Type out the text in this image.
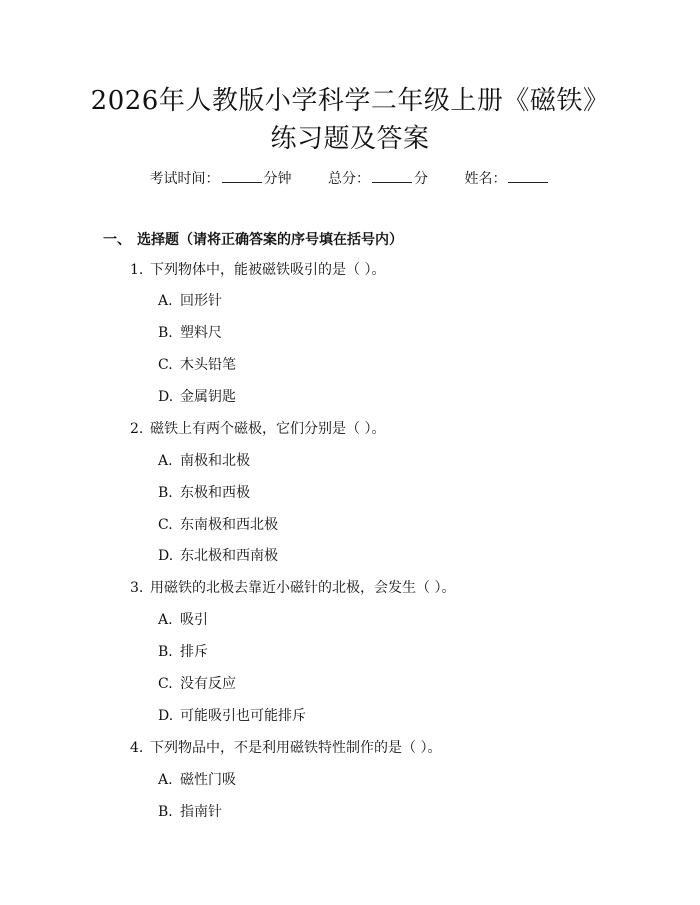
2026年人教版小学科学二年级上册《磁铁》
练习题及答案
考试时间：	分钟	总分：	分	姓名：
一、 选择题（请将正确答案的序号填在括号内）
1. 下列物体中，能被磁铁吸引的是（ ）。
A. 回形针
B. 塑料尺
C. 木头铅笔
D. 金属钥匙
2. 磁铁上有两个磁极，它们分别是（ ）。
A. 南极和北极
B. 东极和西极
C. 东南极和西北极
D. 东北极和西南极
3. 用磁铁的北极去靠近小磁针的北极，会发生（ ）。
A. 吸引
B. 排斥
C. 没有反应
D. 可能吸引也可能排斥
4. 下列物品中，不是利用磁铁特性制作的是（ ）。
A. 磁性门吸
B. 指南针
